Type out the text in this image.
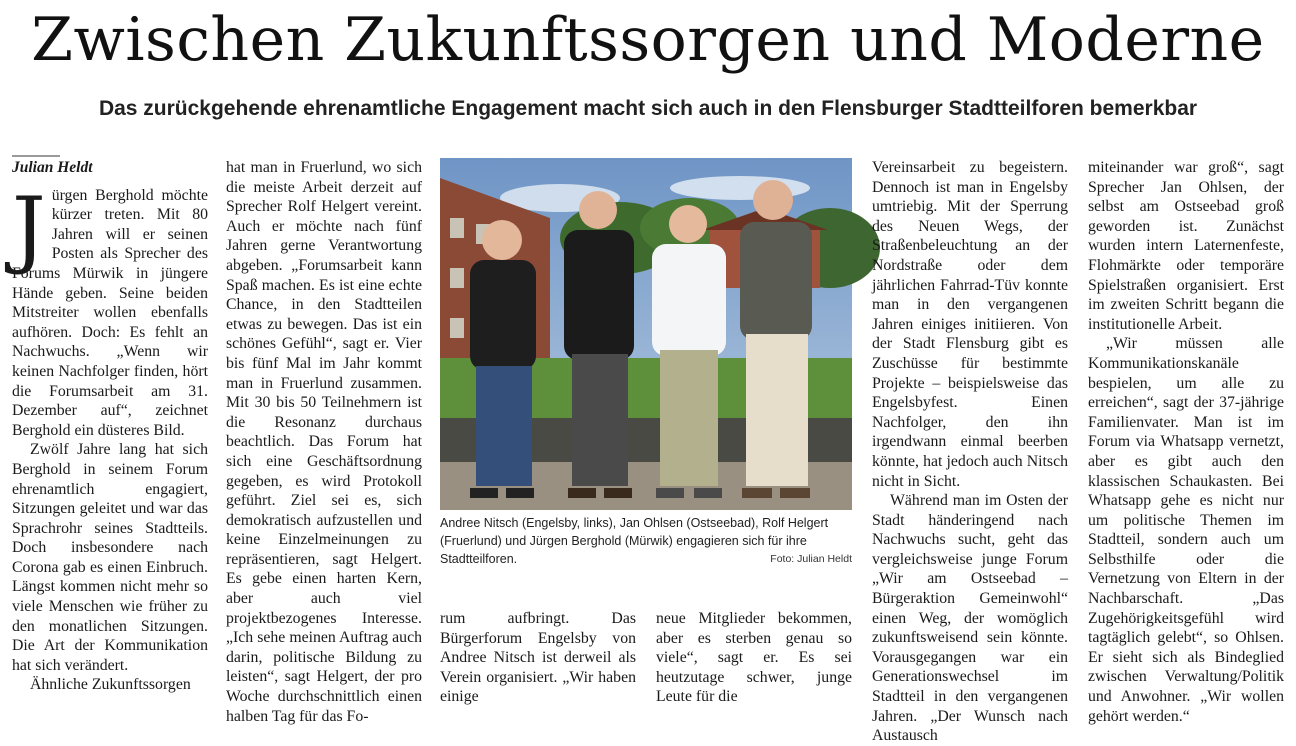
Zwischen Zukunftssorgen und Moderne
Das zurückgehende ehrenamtliche Engagement macht sich auch in den Flensburger Stadtteilforen bemerkbar
Julian Heldt

Jürgen Berghold möchte kürzer treten. Mit 80 Jahren will er seinen Posten als Sprecher des Forums Mürwik in jüngere Hände geben. Seine beiden Mitstreiter wollen ebenfalls aufhören. Doch: Es fehlt an Nachwuchs. „Wenn wir keinen Nachfolger finden, hört die Forumsarbeit am 31. Dezember auf“, zeichnet Berghold ein düsteres Bild.

Zwölf Jahre lang hat sich Berghold in seinem Forum ehrenamtlich engagiert, Sitzungen geleitet und war das Sprachrohr seines Stadtteils. Doch insbesondere nach Corona gab es einen Einbruch. Längst kommen nicht mehr so viele Menschen wie früher zu den monatlichen Sitzungen. Die Art der Kommunikation hat sich verändert.

Ähnliche Zukunftssorgen

hat man in Fruerlund, wo sich die meiste Arbeit derzeit auf Sprecher Rolf Helgert vereint. Auch er möchte nach fünf Jahren gerne Verantwortung abgeben. „Forumsarbeit kann Spaß machen. Es ist eine echte Chance, in den Stadtteilen etwas zu bewegen. Das ist ein schönes Gefühl“, sagt er. Vier bis fünf Mal im Jahr kommt man in Fruerlund zusammen. Mit 30 bis 50 Teilnehmern ist die Resonanz durchaus beachtlich. Das Forum hat sich eine Geschäftsordnung gegeben, es wird Protokoll geführt. Ziel sei es, sich demokratisch aufzustellen und keine Einzelmeinungen zu repräsentieren, sagt Helgert. Es gebe einen harten Kern, aber auch viel projektbezogenes Interesse. „Ich sehe meinen Auftrag auch darin, politische Bildung zu leisten“, sagt Helgert, der pro Woche durchschnittlich einen halben Tag für das Fo-

Andree Nitsch (Engelsby, links), Jan Ohlsen (Ostseebad), Rolf Helgert (Fruerlund) und Jürgen Berghold (Mürwik) engagieren sich für ihre Stadtteilforen.	Foto: Julian Heldt

rum aufbringt. Das Bürgerforum Engelsby von Andree Nitsch ist derweil als Verein organisiert. „Wir haben einige

neue Mitglieder bekommen, aber es sterben genau so viele“, sagt er. Es sei heutzutage schwer, junge Leute für die

Vereinsarbeit zu begeistern. Dennoch ist man in Engelsby umtriebig. Mit der Sperrung des Neuen Wegs, der Straßenbeleuchtung an der Nordstraße oder dem jährlichen Fahrrad-Tüv konnte man in den vergangenen Jahren einiges initiieren. Von der Stadt Flensburg gibt es Zuschüsse für bestimmte Projekte – beispielsweise das Engelsbyfest. Einen Nachfolger, den ihn irgendwann einmal beerben könnte, hat jedoch auch Nitsch nicht in Sicht.

Während man im Osten der Stadt händeringend nach Nachwuchs sucht, geht das vergleichsweise junge Forum „Wir am Ostseebad – Bürgeraktion Gemeinwohl“ einen Weg, der womöglich zukunftsweisend sein könnte. Vorausgegangen war ein Generationswechsel im Stadtteil in den vergangenen Jahren. „Der Wunsch nach Austausch

miteinander war groß“, sagt Sprecher Jan Ohlsen, der selbst am Ostseebad groß geworden ist. Zunächst wurden intern Laternenfeste, Flohmärkte oder temporäre Spielstraßen organisiert. Erst im zweiten Schritt begann die institutionelle Arbeit.

„Wir müssen alle Kommunikationskanäle bespielen, um alle zu erreichen“, sagt der 37-jährige Familienvater. Man ist im Forum via Whatsapp vernetzt, aber es gibt auch den klassischen Schaukasten. Bei Whatsapp gehe es nicht nur um politische Themen im Stadtteil, sondern auch um Selbsthilfe oder die Vernetzung von Eltern in der Nachbarschaft. „Das Zugehörigkeitsgefühl wird tagtäglich gelebt“, so Ohlsen. Er sieht sich als Bindeglied zwischen Verwaltung/Politik und Anwohner. „Wir wollen gehört werden.“
